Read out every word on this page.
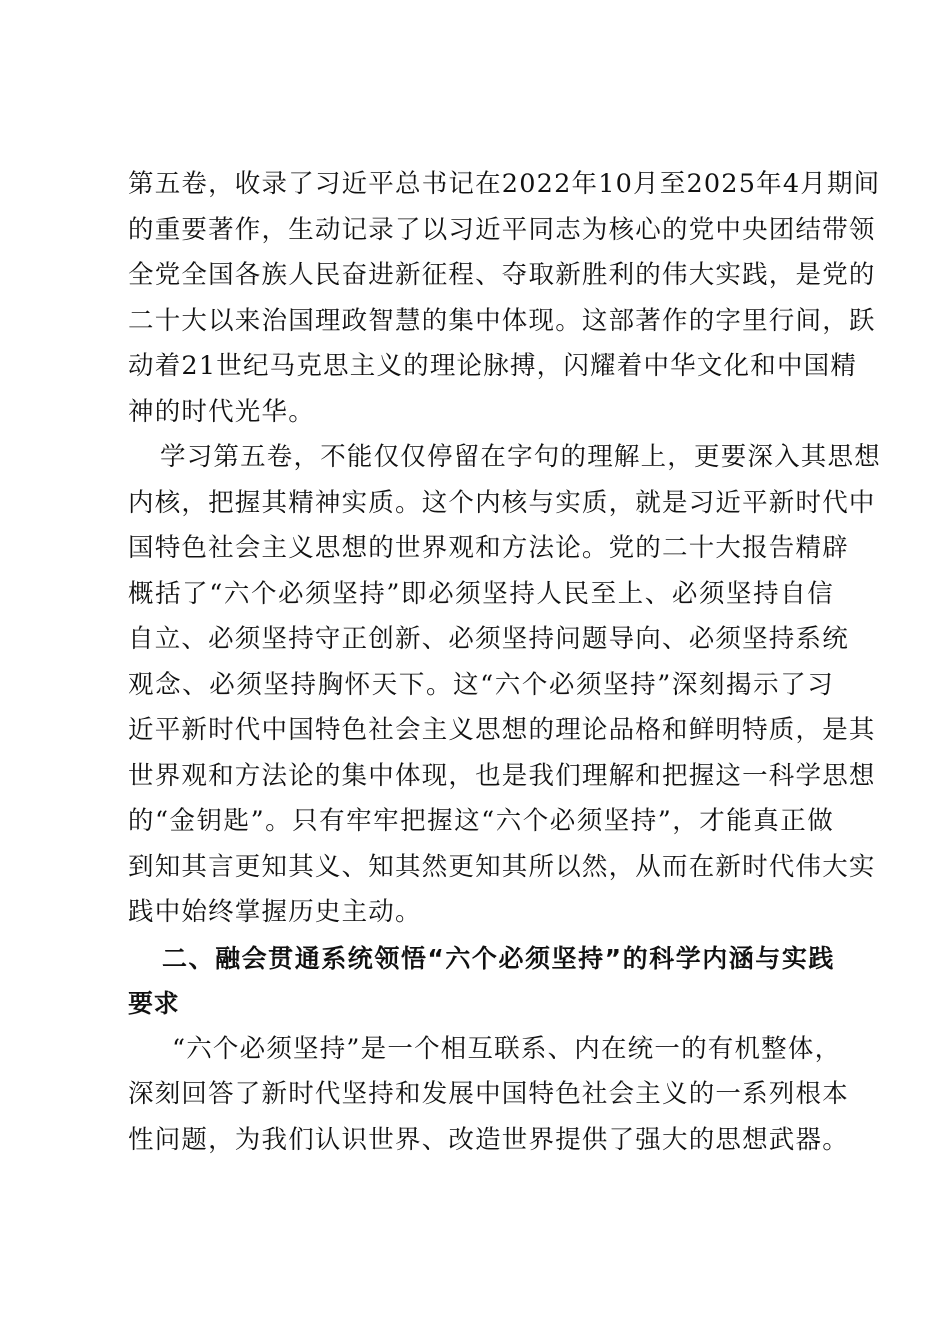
第五卷，收录了习近平总书记在2022年10月至2025年4月期间
的重要著作，生动记录了以习近平同志为核心的党中央团结带领
全党全国各族人民奋进新征程、夺取新胜利的伟大实践，是党的
二十大以来治国理政智慧的集中体现。这部著作的字里行间，跃
动着21世纪马克思主义的理论脉搏，闪耀着中华文化和中国精
神的时代光华。
学习第五卷，不能仅仅停留在字句的理解上，更要深入其思想
内核，把握其精神实质。这个内核与实质，就是习近平新时代中
国特色社会主义思想的世界观和方法论。党的二十大报告精辟
概括了“六个必须坚持”即必须坚持人民至上、必须坚持自信
自立、必须坚持守正创新、必须坚持问题导向、必须坚持系统
观念、必须坚持胸怀天下。这“六个必须坚持”深刻揭示了习
近平新时代中国特色社会主义思想的理论品格和鲜明特质，是其
世界观和方法论的集中体现，也是我们理解和把握这一科学思想
的“金钥匙”。只有牢牢把握这“六个必须坚持”，才能真正做
到知其言更知其义、知其然更知其所以然，从而在新时代伟大实
践中始终掌握历史主动。
二、融会贯通系统领悟“六个必须坚持”的科学内涵与实践
要求
“六个必须坚持”是一个相互联系、内在统一的有机整体，
深刻回答了新时代坚持和发展中国特色社会主义的一系列根本
性问题，为我们认识世界、改造世界提供了强大的思想武器。
